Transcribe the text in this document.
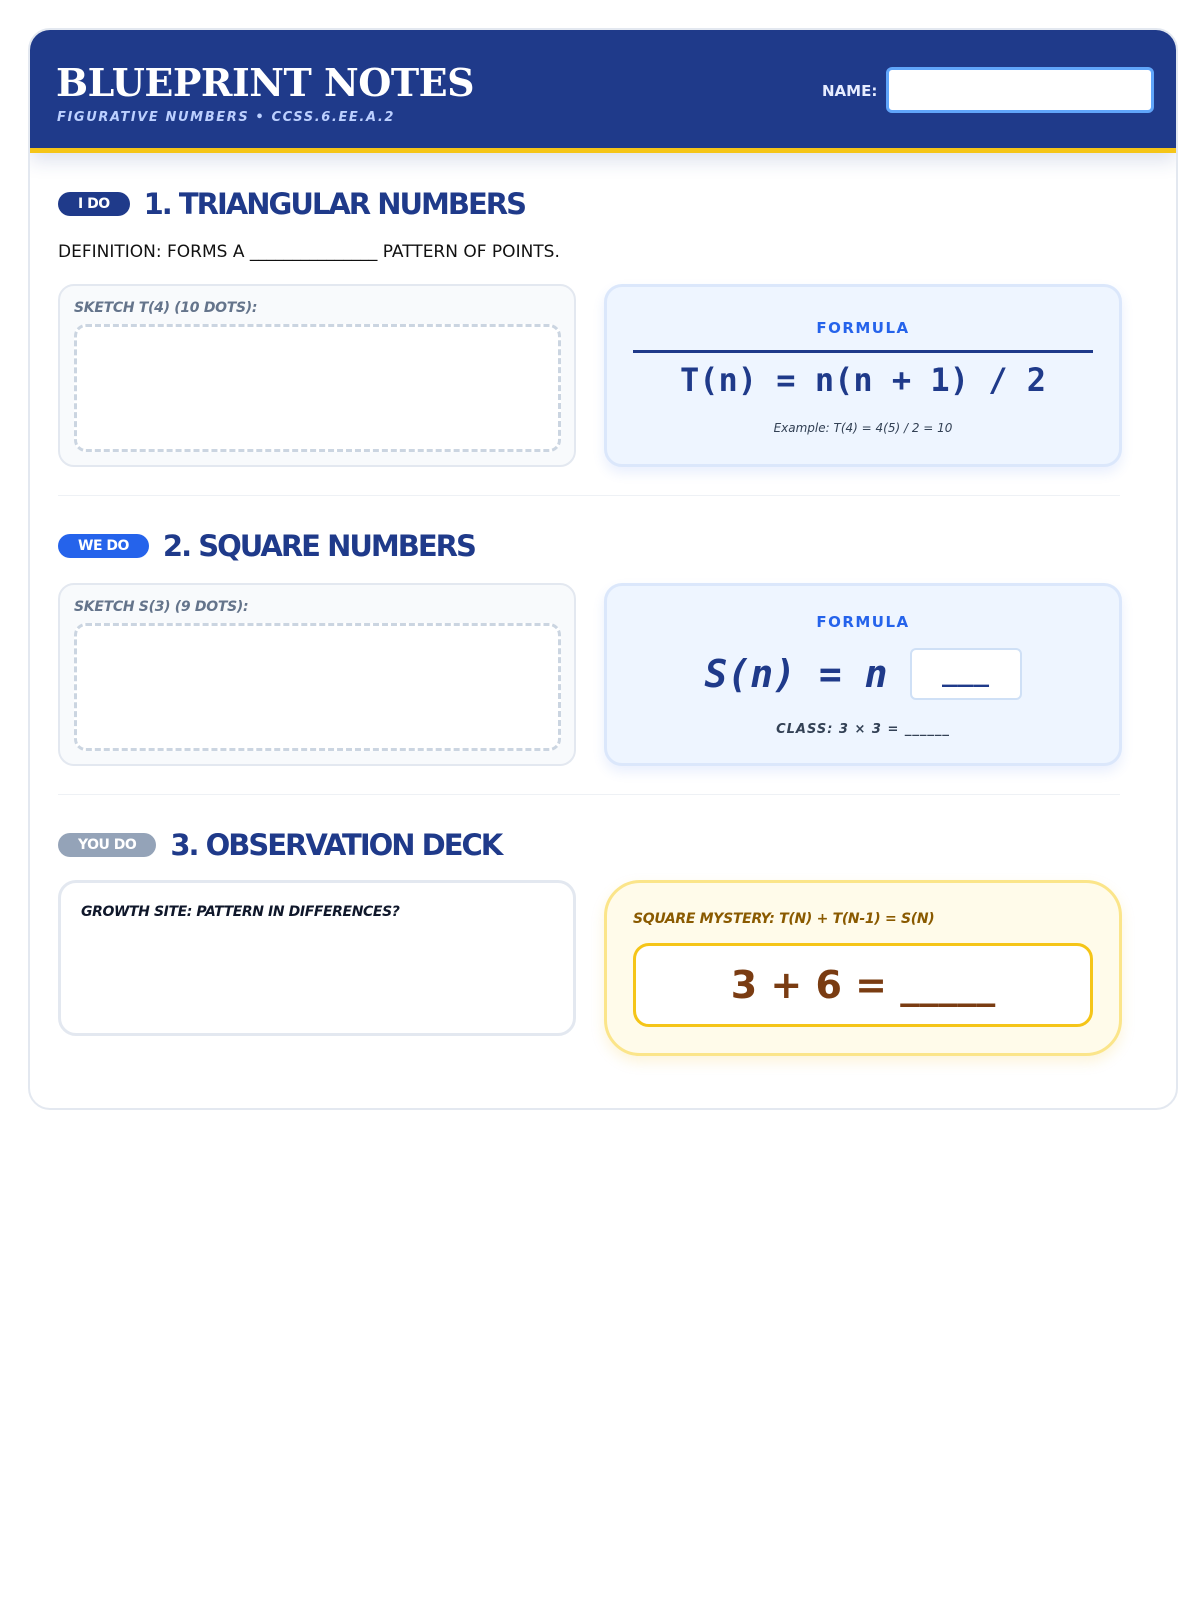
BLUEPRINT NOTES
FIGURATIVE NUMBERS • CCSS.6.EE.A.2
NAME:
I DO	1. TRIANGULAR NUMBERS
DEFINITION: FORMS A _______________ PATTERN OF POINTS.
SKETCH T(4) (10 DOTS):
FORMULA
T(n) = n(n + 1) / 2
Example: T(4) = 4(5) / 2 = 10
WE DO	2. SQUARE NUMBERS
SKETCH S(3) (9 DOTS):
FORMULA
S(n) = n	___
CLASS: 3 × 3 = ______
YOU DO	3. OBSERVATION DECK
GROWTH SITE: PATTERN IN DIFFERENCES?	SQUARE MYSTERY: T(N) + T(N-1) = S(N)
3 + 6 = _____
